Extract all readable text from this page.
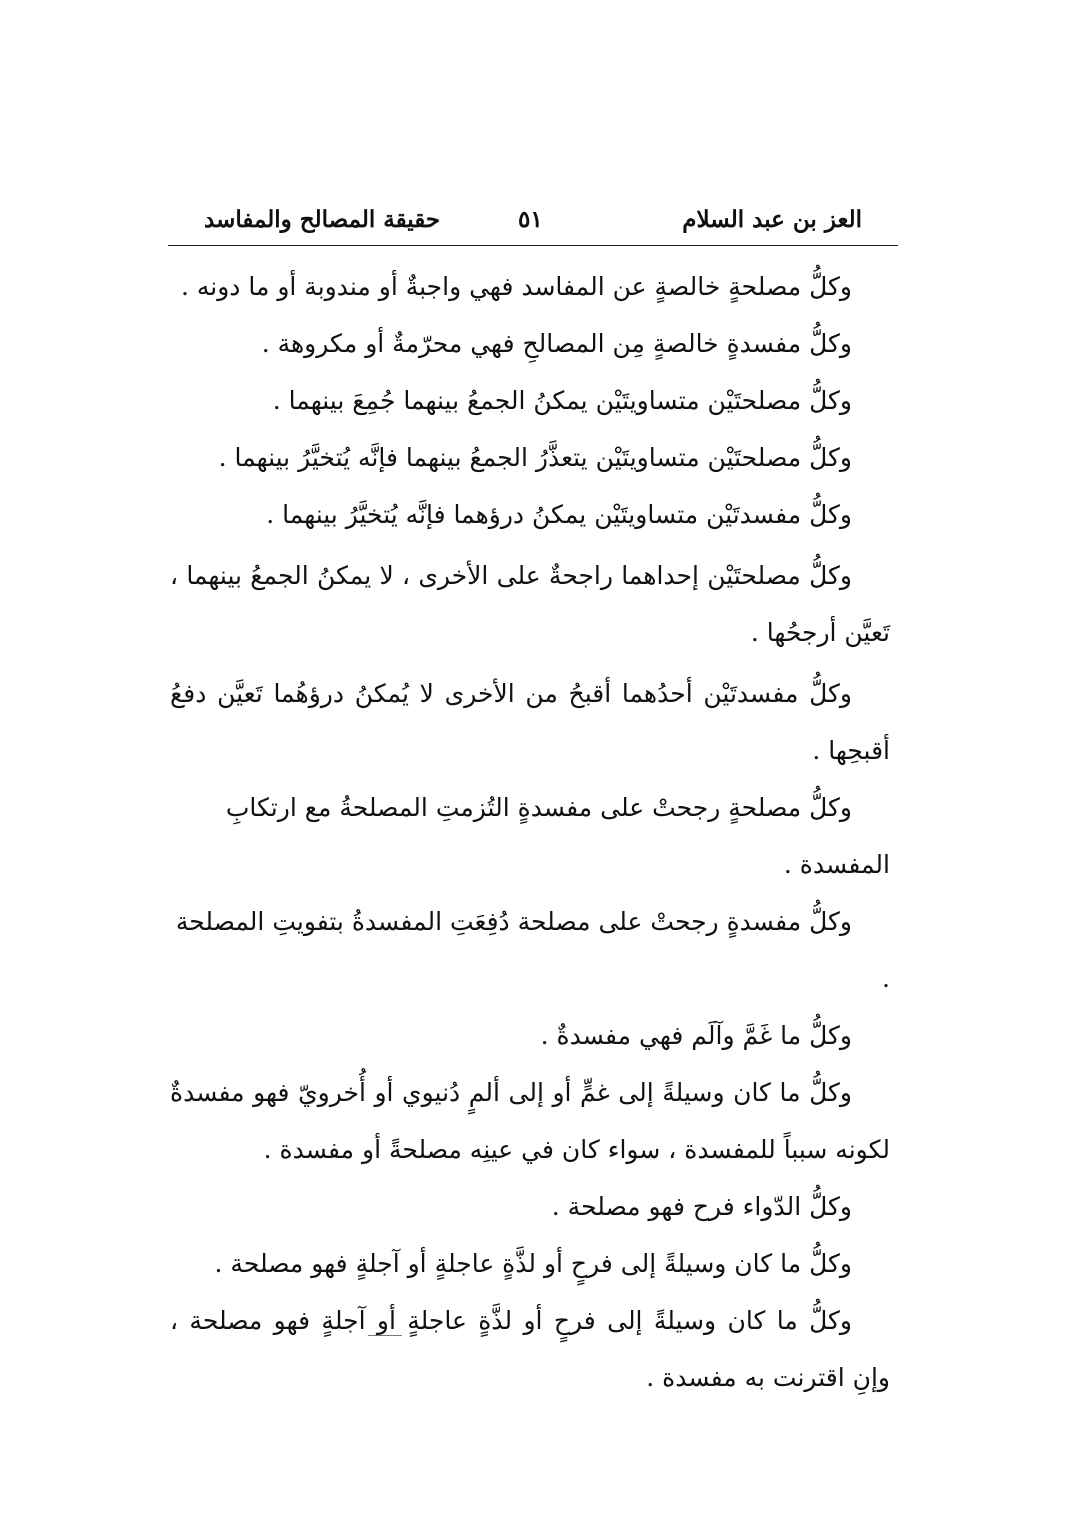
العز بن عبد السلام
٥١
حقيقة المصالح والمفاسد

وكلُّ مصلحةٍ خالصةٍ عن المفاسد فهي واجبةٌ أو مندوبة أو ما دونه .

وكلُّ مفسدةٍ خالصةٍ مِن المصالحِ فهي محرّمةٌ أو مكروهة .

وكلُّ مصلحتَيْن متساويتَيْن يمكنُ الجمعُ بينهما جُمِعَ بينهما .

وكلُّ مصلحتَيْن متساويتَيْن يتعذَّرُ الجمعُ بينهما فإنَّه يُتخيَّرُ بينهما .

وكلُّ مفسدتَيْن متساويتَيْن يمكنُ درؤهما فإنَّه يُتخيَّرُ بينهما .

وكلُّ مصلحتَيْن إحداهما راجحةٌ على الأخرى ، لا يمكنُ الجمعُ بينهما ، تَعيَّن أرجحُها .

وكلُّ مفسدتَيْن أحدُهما أقبحُ من الأخرى لا يُمكنُ درؤهُما تَعيَّن دفعُ أقبحِها .

وكلُّ مصلحةٍ رجحتْ على مفسدةٍ التُزمتِ المصلحةُ مع ارتكابِ المفسدة .

وكلُّ مفسدةٍ رجحتْ على مصلحة دُفِعَتِ المفسدةُ بتفويتِ المصلحة .

وكلُّ ما غَمَّ وآلَم فهي مفسدةٌ .

وكلُّ ما كان وسيلةً إلى غمٍّ أو إلى ألمٍ دُنيوي أو أُخرويّ فهو مفسدةٌ لكونه سبباً للمفسدة ، سواء كان في عينِه مصلحةً أو مفسدة .

وكلُّ الدّواء فرح فهو مصلحة .

وكلُّ ما كان وسيلةً إلى فرحٍ أو لذَّةٍ عاجلةٍ أو آجلةٍ فهو مصلحة .

وكلُّ ما كان وسيلةً إلى فرحٍ أو لذَّةٍ عاجلةٍ أو آجلةٍ فهو مصلحة ، وإنِ اقترنت به مفسدة .
